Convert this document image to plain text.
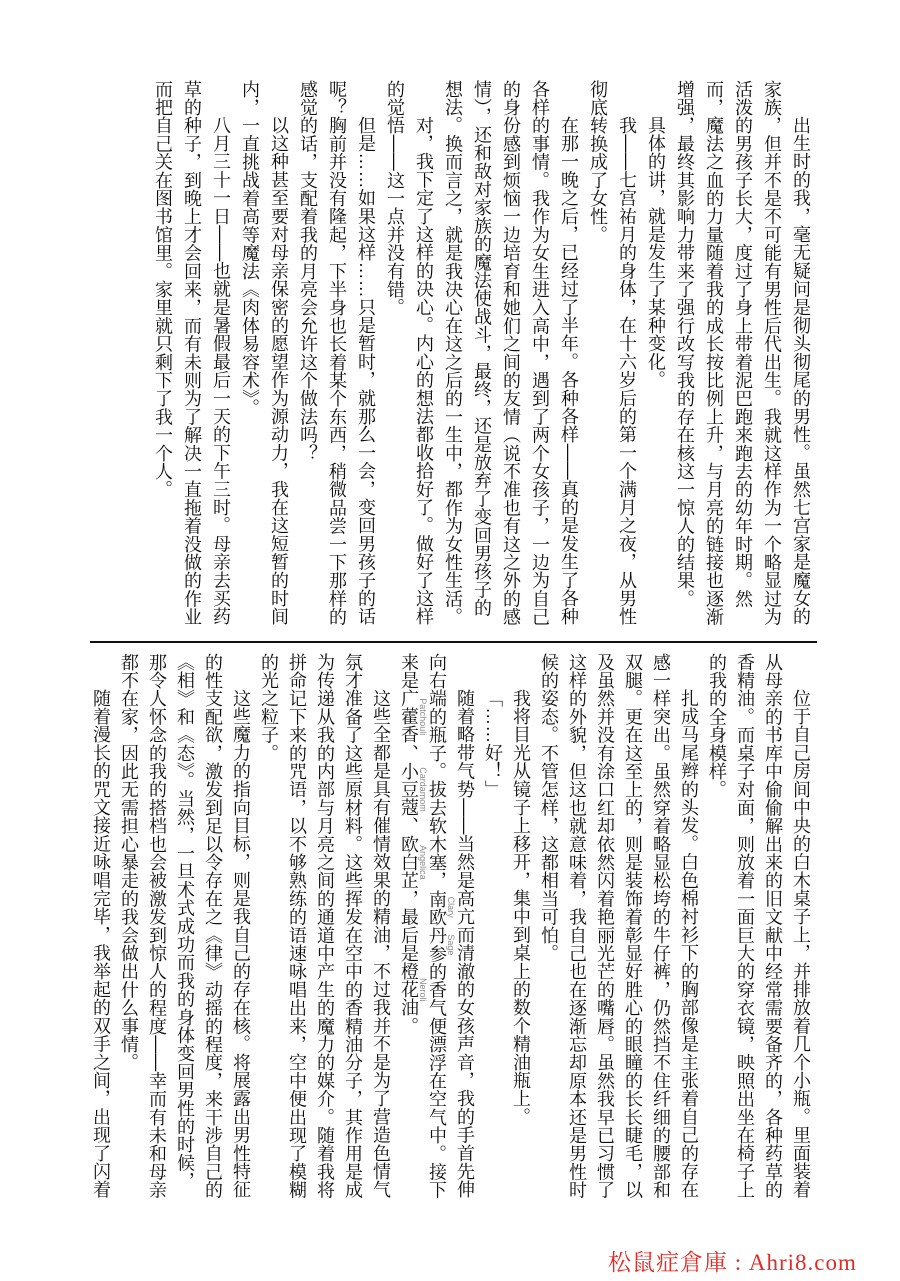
出生时的我，毫无疑问是彻头彻尾的男性。虽然七宫家是魔女的家族，但并不是不可能有男性后代出生。我就这样作为一个略显过为活泼的男孩子长大，度过了身上带着泥巴跑来跑去的幼年时期。然而，魔法之血的力量随着我的成长按比例上升，与月亮的链接也逐渐增强，最终其影响力带来了强行改写我的存在核这一惊人的结果。

具体的讲，就是发生了某种变化。

我——七宫祐月的身体，在十六岁后的第一个满月之夜，从男性彻底转换成了女性。

在那一晚之后，已经过了半年。各种各样——真的是发生了各种各样的事情。我作为女生进入高中，遇到了两个女孩子，一边为自己的身份感到烦恼一边培育和她们之间的友情（说不准也有这之外的感情），还和敌对家族的魔法使战斗，最终，还是放弃了变回男孩子的想法。换而言之，就是我决心在这之后的一生中，都作为女性生活。

对，我下定了这样的决心。内心的想法都收拾好了。做好了这样的觉悟——这一点并没有错。

但是……如果这样……只是暂时，就那么一会，变回男孩子的话呢？胸前并没有隆起，下半身也长着某个东西，稍微品尝一下那样的感觉的话，支配着我的月亮会允许这个做法吗？

以这种甚至要对母亲保密的愿望作为源动力，我在这短暂的时间内，一直挑战着高等魔法《肉体易容术》。

八月三十一日——也就是暑假最后一天的下午三时。母亲去买药草的种子，到晚上才会回来，而有未则为了解决一直拖着没做的作业而把自己关在图书馆里。家里就只剩下了我一个人。

位于自己房间中央的白木桌子上，并排放着几个小瓶。里面装着从母亲的书库中偷偷解出来的旧文献中经常需要备齐的，各种药草的香精油。而桌子对面，则放着一面巨大的穿衣镜，映照出坐在椅子上的我的全身模样。

扎成马尾辫的头发。白色棉衬衫下的胸部像是主张着自己的存在感一样突出。虽然穿着略显松垮的牛仔裤，仍然挡不住纤细的腰部和双腿。更在这至上的，则是装饰着彰显好胜心的眼瞳的长长睫毛，以及虽然并没有涂口红却依然闪着艳丽光芒的嘴唇。虽然我早已习惯了这样的外貌，但这也就意味着，我自己也在逐渐忘却原本还是男性时候的姿态。不管怎样，这都相当可怕。

我将目光从镜子上移开，集中到桌上的数个精油瓶上。

「……好！」

随着略带气势——当然是高亢而清澈的女孩声音，我的手首先伸向右端的瓶子。拔去软木塞，南欧丹参 Clary Sage的香气便漂浮在空气中。接下来是广藿香 Patchouli、小豆蔻 Cardamom、欧白芷 Angelica，最后是橙花油 Neroli。

这些全都是具有催情效果的精油，不过我并不是为了营造色情气氛才准备了这些原材料。这些挥发在空中的香精油分子，其作用是成为传递从我的内部与月亮之间的通道中产生的魔力的媒介。随着我将拼命记下来的咒语，以不够熟练的语速咏唱出来，空中便出现了模糊的光之粒子。

这些魔力的指向目标，则是我自己的存在核。将展露出男性特征的性支配欲，激发到足以令存在之《律》动摇的程度，来干涉自己的《相》和《态》。当然，一旦术式成功而我的身体变回男性的时候，那令人怀念的我的搭档也会被激发到惊人的程度——幸而有未和母亲都不在家，因此无需担心暴走的我会做出什么事情。

随着漫长的咒文接近咏唱完毕，我举起的双手之间，出现了闪着

松鼠症倉庫 : Ahri8.com
